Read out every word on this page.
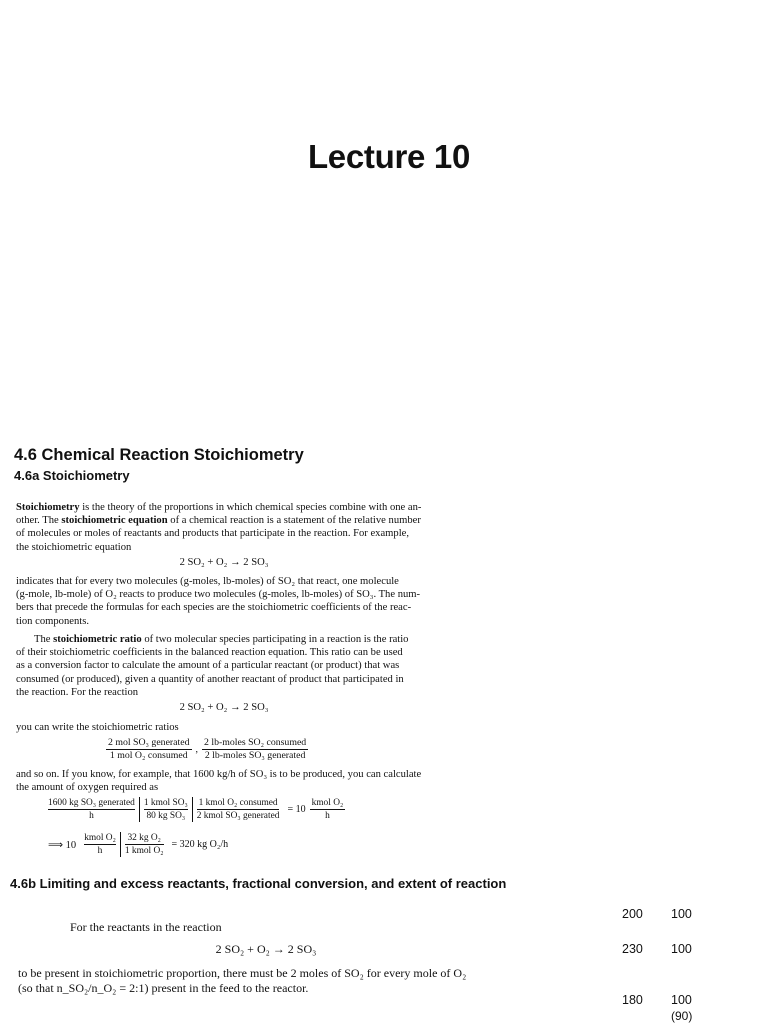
Lecture 10
4.6 Chemical Reaction Stoichiometry
4.6a Stoichiometry
Stoichiometry is the theory of the proportions in which chemical species combine with one an-
other. The stoichiometric equation of a chemical reaction is a statement of the relative number
of molecules or moles of reactants and products that participate in the reaction. For example,
the stoichiometric equation
2 SO₂ + O₂ → 2 SO₃
indicates that for every two molecules (g-moles, lb-moles) of SO₂ that react, one molecule
(g-mole, lb-mole) of O₂ reacts to produce two molecules (g-moles, lb-moles) of SO₃. The num-
bers that precede the formulas for each species are the stoichiometric coefficients of the reac-
tion components.
The stoichiometric ratio of two molecular species participating in a reaction is the ratio
of their stoichiometric coefficients in the balanced reaction equation. This ratio can be used
as a conversion factor to calculate the amount of a particular reactant (or product) that was
consumed (or produced), given a quantity of another reactant of product that participated in
the reaction. For the reaction
2 SO₂ + O₂ → 2 SO₃
you can write the stoichiometric ratios
$\frac{\text{2 mol SO₃ generated}}{\text{1 mol O₂ consumed}}$ , $\frac{\text{2 lb-moles SO₂ consumed}}{\text{2 lb-moles SO₃ generated}}$
and so on. If you know, for example, that 1600 kg/h of SO₃ is to be produced, you can calculate
the amount of oxygen required as
1600 kg SO₃ generated
h
1 kmol SO₃
80 kg SO₃
1 kmol O₂ consumed
2 kmol SO₃ generated
= $10 \frac{\text{kmol O₂}}{h}$
⟹ 10
kmol O₂
h
32 kg O₂
1 kmol O₂
= 320 kg O₂/h
4.6b Limiting and excess reactants, fractional conversion, and extent of reaction
For the reactants in the reaction
2 SO₂ + O₂ → 2 SO₃
to be present in stoichiometric proportion, there must be 2 moles of SO₂ for every mole of O₂
(so that n_SO₂/n_O₂ = 2:1) present in the feed to the reactor.
200 100
230 100
180 100
(90)
